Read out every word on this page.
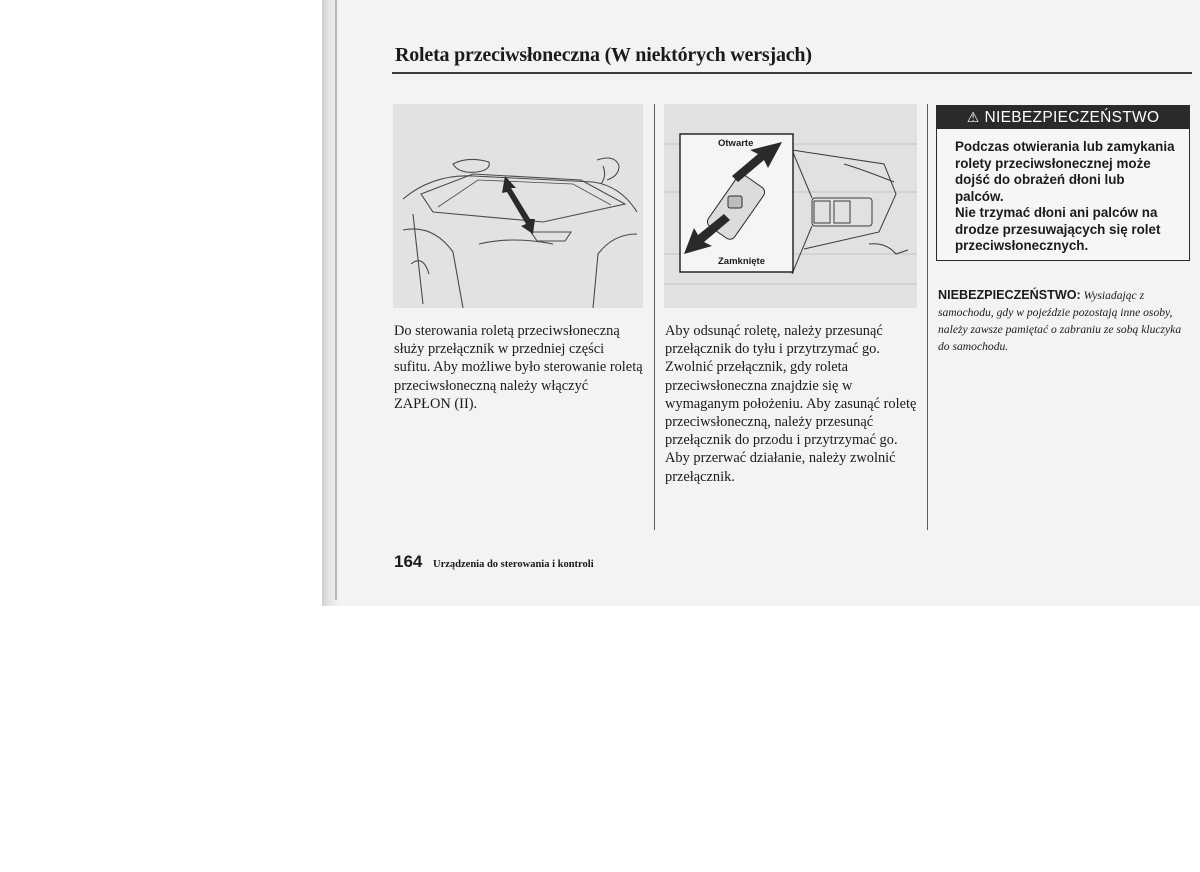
Roleta przeciwsłoneczna (W niektórych wersjach)
Otwarte
Zamknięte
Do sterowania roletą przeciwsłoneczną służy przełącznik w przedniej części sufitu. Aby możliwe było sterowanie roletą przeciwsłoneczną należy włączyć ZAPŁON (II).
Aby odsunąć roletę, należy przesunąć przełącznik do tyłu i przytrzymać go. Zwolnić przełącznik, gdy roleta przeciwsłoneczna znajdzie się w wymaganym położeniu. Aby zasunąć roletę przeciwsłoneczną, należy przesunąć przełącznik do przodu i przytrzymać go. Aby przerwać działanie, należy zwolnić przełącznik.
⚠ NIEBEZPIECZEŃSTWO
Podczas otwierania lub zamykania rolety przeciwsłonecznej może dojść do obrażeń dłoni lub palców.
Nie trzymać dłoni ani palców na drodze przesuwających się rolet przeciwsłonecznych.
NIEBEZPIECZEŃSTWO: Wysiadając z samochodu, gdy w pojeździe pozostają inne osoby, należy zawsze pamiętać o zabraniu ze sobą kluczyka do samochodu.
164 Urządzenia do sterowania i kontroli
